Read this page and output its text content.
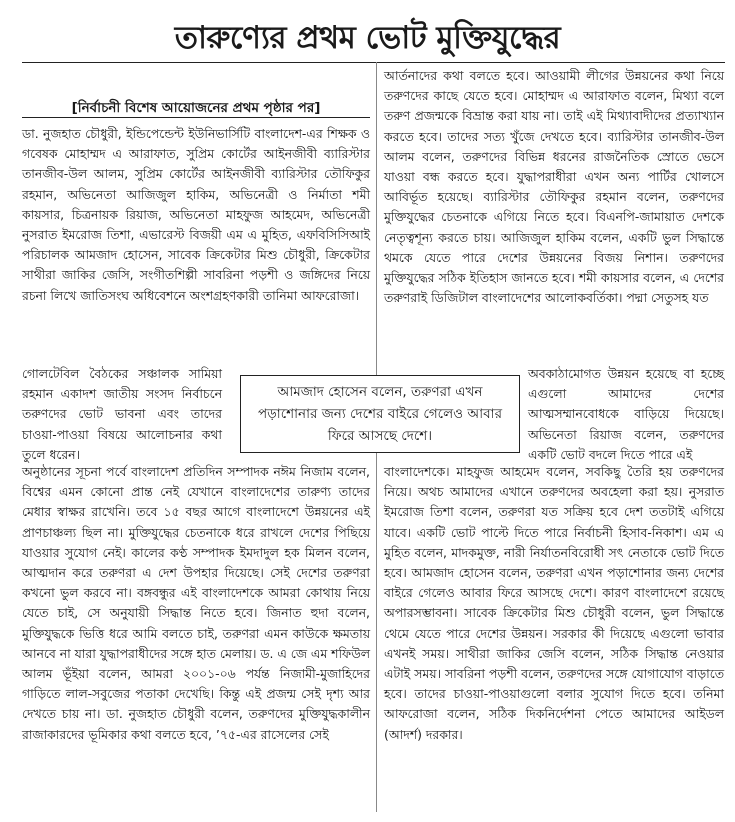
তারুণ্যের প্রথম ভোট মুক্তিযুদ্ধের
[নির্বাচনী বিশেষ আয়োজনের প্রথম পৃষ্ঠার পর]

ডা. নুজহাত চৌধুরী, ইন্ডিপেন্ডেন্ট ইউনিভার্সিটি বাংলাদেশ-এর শিক্ষক ও গবেষক মোহাম্মদ এ আরাফাত, সুপ্রিম কোর্টের আইনজীবী ব্যারিস্টার তানজীব-উল আলম, সুপ্রিম কোর্টের আইনজীবী ব্যারিস্টার তৌফিকুর রহমান, অভিনেতা আজিজুল হাকিম, অভিনেত্রী ও নির্মাতা শমী কায়সার, চিত্রনায়ক রিয়াজ, অভিনেতা মাহফুজ আহমেদ, অভিনেত্রী নুসরাত ইমরোজ তিশা, এভারেস্ট বিজয়ী এম এ মুহিত, এফবিসিসিআই পরিচালক আমজাদ হোসেন, সাবেক ক্রিকেটার মিশু চৌধুরী, ক্রিকেটার সাথীরা জাকির জেসি, সংগীতশিল্পী সাবরিনা পড়শী ও জঙ্গিদের নিয়ে রচনা লিখে জাতিসংঘ অধিবেশনে অংশগ্রহণকারী তানিমা আফরোজা।

গোলটেবিল বৈঠকের সঞ্চালক সামিয়া রহমান একাদশ জাতীয় সংসদ নির্বাচনে তরুণদের ভোট ভাবনা এবং তাদের চাওয়া-পাওয়া বিষয়ে আলোচনার কথা তুলে ধরেন।

অনুষ্ঠানের সূচনা পর্বে বাংলাদেশ প্রতিদিন সম্পাদক নঈম নিজাম বলেন, বিশ্বের এমন কোনো প্রান্ত নেই যেখানে বাংলাদেশের তারুণ্য তাদের মেধার স্বাক্ষর রাখেনি। তবে ১৫ বছর আগে বাংলাদেশে উন্নয়নের এই প্রাণচাঞ্চল্য ছিল না। মুক্তিযুদ্ধের চেতনাকে ধরে রাখলে দেশের পিছিয়ে যাওয়ার সুযোগ নেই। কালের কণ্ঠ সম্পাদক ইমদাদুল হক মিলন বলেন, আত্মদান করে তরুণরা এ দেশ উপহার দিয়েছে। সেই দেশের তরুণরা কখনো ভুল করবে না। বঙ্গবন্ধুর এই বাংলাদেশকে আমরা কোথায় নিয়ে যেতে চাই, সে অনুযায়ী সিদ্ধান্ত নিতে হবে। জিনাত হুদা বলেন, মুক্তিযুদ্ধকে ভিত্তি ধরে আমি বলতে চাই, তরুণরা এমন কাউকে ক্ষমতায় আনবে না যারা যুদ্ধাপরাধীদের সঙ্গে হাত মেলায়। ড. এ জে এম শফিউল আলম ভূঁইয়া বলেন, আমরা ২০০১-০৬ পর্যন্ত নিজামী-মুজাহিদের গাড়িতে লাল-সবুজের পতাকা দেখেছি। কিন্তু এই প্রজন্ম সেই দৃশ্য আর দেখতে চায় না। ডা. নুজহাত চৌধুরী বলেন, তরুণদের মুক্তিযুদ্ধকালীন রাজাকারদের ভূমিকার কথা বলতে হবে, ’৭৫-এর রাসেলের সেই

আর্তনাদের কথা বলতে হবে। আওয়ামী লীগের উন্নয়নের কথা নিয়ে তরুণদের কাছে যেতে হবে। মোহাম্মদ এ আরাফাত বলেন, মিথ্যা বলে তরুণ প্রজন্মকে বিভ্রান্ত করা যায় না। তাই এই মিথ্যাবাদীদের প্রত্যাখ্যান করতে হবে। তাদের সত্য খুঁজে দেখতে হবে। ব্যারিস্টার তানজীব-উল আলম বলেন, তরুণদের বিভিন্ন ধরনের রাজনৈতিক স্রোতে ভেসে যাওয়া বন্ধ করতে হবে। যুদ্ধাপরাধীরা এখন অন্য পার্টির খোলসে আবির্ভূত হয়েছে। ব্যারিস্টার তৌফিকুর রহমান বলেন, তরুণদের মুক্তিযুদ্ধের চেতনাকে এগিয়ে নিতে হবে। বিএনপি-জামায়াত দেশকে নেতৃত্বশূন্য করতে চায়। আজিজুল হাকিম বলেন, একটি ভুল সিদ্ধান্তে থমকে যেতে পারে দেশের উন্নয়নের বিজয় নিশান। তরুণদের মুক্তিযুদ্ধের সঠিক ইতিহাস জানতে হবে। শমী কায়সার বলেন, এ দেশের তরুণরাই ডিজিটাল বাংলাদেশের আলোকবর্তিকা। পদ্মা সেতুসহ যত

অবকাঠামোগত উন্নয়ন হয়েছে বা হচ্ছে এগুলো আমাদের দেশের আত্মসম্মানবোধকে বাড়িয়ে দিয়েছে। অভিনেতা রিয়াজ বলেন, তরুণদের একটি ভোট বদলে দিতে পারে এই

বাংলাদেশকে। মাহফুজ আহমেদ বলেন, সবকিছু তৈরি হয় তরুণদের নিয়ে। অথচ আমাদের এখানে তরুণদের অবহেলা করা হয়। নুসরাত ইমরোজ তিশা বলেন, তরুণরা যত সক্রিয় হবে দেশ ততটাই এগিয়ে যাবে। একটি ভোট পাল্টে দিতে পারে নির্বাচনী হিসাব-নিকাশ। এম এ মুহিত বলেন, মাদকমুক্ত, নারী নির্যাতনবিরোধী সৎ নেতাকে ভোট দিতে হবে। আমজাদ হোসেন বলেন, তরুণরা এখন পড়াশোনার জন্য দেশের বাইরে গেলেও আবার ফিরে আসছে দেশে। কারণ বাংলাদেশে রয়েছে অপারসম্ভাবনা। সাবেক ক্রিকেটার মিশু চৌধুরী বলেন, ভুল সিদ্ধান্তে থেমে যেতে পারে দেশের উন্নয়ন। সরকার কী দিয়েছে এগুলো ভাবার এখনই সময়। সাথীরা জাকির জেসি বলেন, সঠিক সিদ্ধান্ত নেওয়ার এটাই সময়। সাবরিনা পড়শী বলেন, তরুণদের সঙ্গে যোগাযোগ বাড়াতে হবে। তাদের চাওয়া-পাওয়াগুলো বলার সুযোগ দিতে হবে। তনিমা আফরোজা বলেন, সঠিক দিকনির্দেশনা পেতে আমাদের আইডল (আদর্শ) দরকার।

আমজাদ হোসেন বলেন, তরুণরা এখন পড়াশোনার জন্য দেশের বাইরে গেলেও আবার ফিরে আসছে দেশে।
